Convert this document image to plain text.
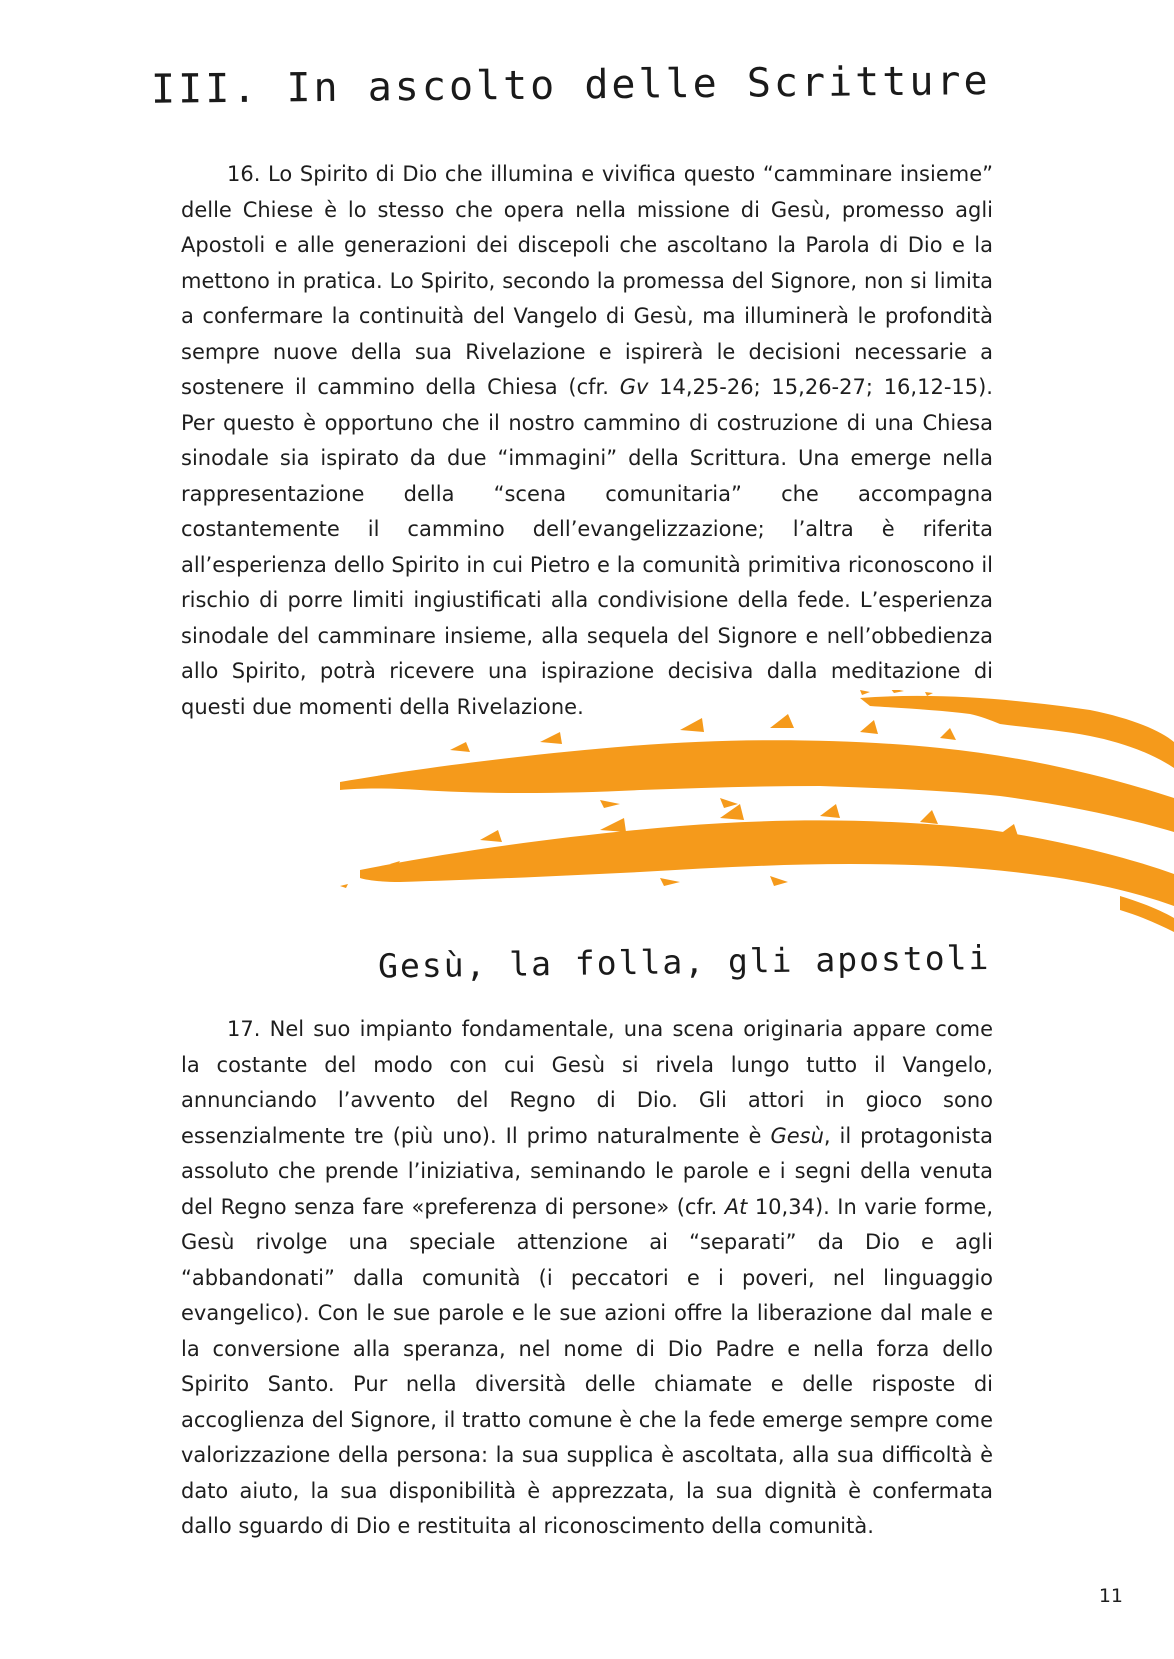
III. In ascolto delle Scritture

16. Lo Spirito di Dio che illumina e vivifica questo “camminare insieme” delle Chiese è lo stesso che opera nella missione di Gesù, promesso agli Apostoli e alle generazioni dei discepoli che ascoltano la Parola di Dio e la mettono in pratica. Lo Spirito, secondo la promessa del Signore, non si limita a confermare la continuità del Vangelo di Gesù, ma illuminerà le profondità sempre nuove della sua Rivelazione e ispirerà le decisioni necessarie a sostenere il cammino della Chiesa (cfr. Gv 14,25-26; 15,26-27; 16,12-15). Per questo è opportuno che il nostro cammino di costruzione di una Chiesa sinodale sia ispirato da due “immagini” della Scrittura. Una emerge nella rappresentazione della “scena comunitaria” che accompagna costantemente il cammino dell’evangelizzazione; l’altra è riferita all’esperienza dello Spirito in cui Pietro e la comunità primitiva riconoscono il rischio di porre limiti ingiustificati alla condivisione della fede. L’esperienza sinodale del camminare insieme, alla sequela del Signore e nell’obbedienza allo Spirito, potrà ricevere una ispirazione decisiva dalla meditazione di questi due momenti della Rivelazione.

Gesù, la folla, gli apostoli

17. Nel suo impianto fondamentale, una scena originaria appare come la costante del modo con cui Gesù si rivela lungo tutto il Vangelo, annunciando l’avvento del Regno di Dio. Gli attori in gioco sono essenzialmente tre (più uno). Il primo naturalmente è Gesù, il protagonista assoluto che prende l’iniziativa, seminando le parole e i segni della venuta del Regno senza fare «preferenza di persone» (cfr. At 10,34). In varie forme, Gesù rivolge una speciale attenzione ai “separati” da Dio e agli “abbandonati” dalla comunità (i peccatori e i poveri, nel linguaggio evangelico). Con le sue parole e le sue azioni offre la liberazione dal male e la conversione alla speranza, nel nome di Dio Padre e nella forza dello Spirito Santo. Pur nella diversità delle chiamate e delle risposte di accoglienza del Signore, il tratto comune è che la fede emerge sempre come valorizzazione della persona: la sua supplica è ascoltata, alla sua difficoltà è dato aiuto, la sua disponibilità è apprezzata, la sua dignità è confermata dallo sguardo di Dio e restituita al riconoscimento della comunità.

11
